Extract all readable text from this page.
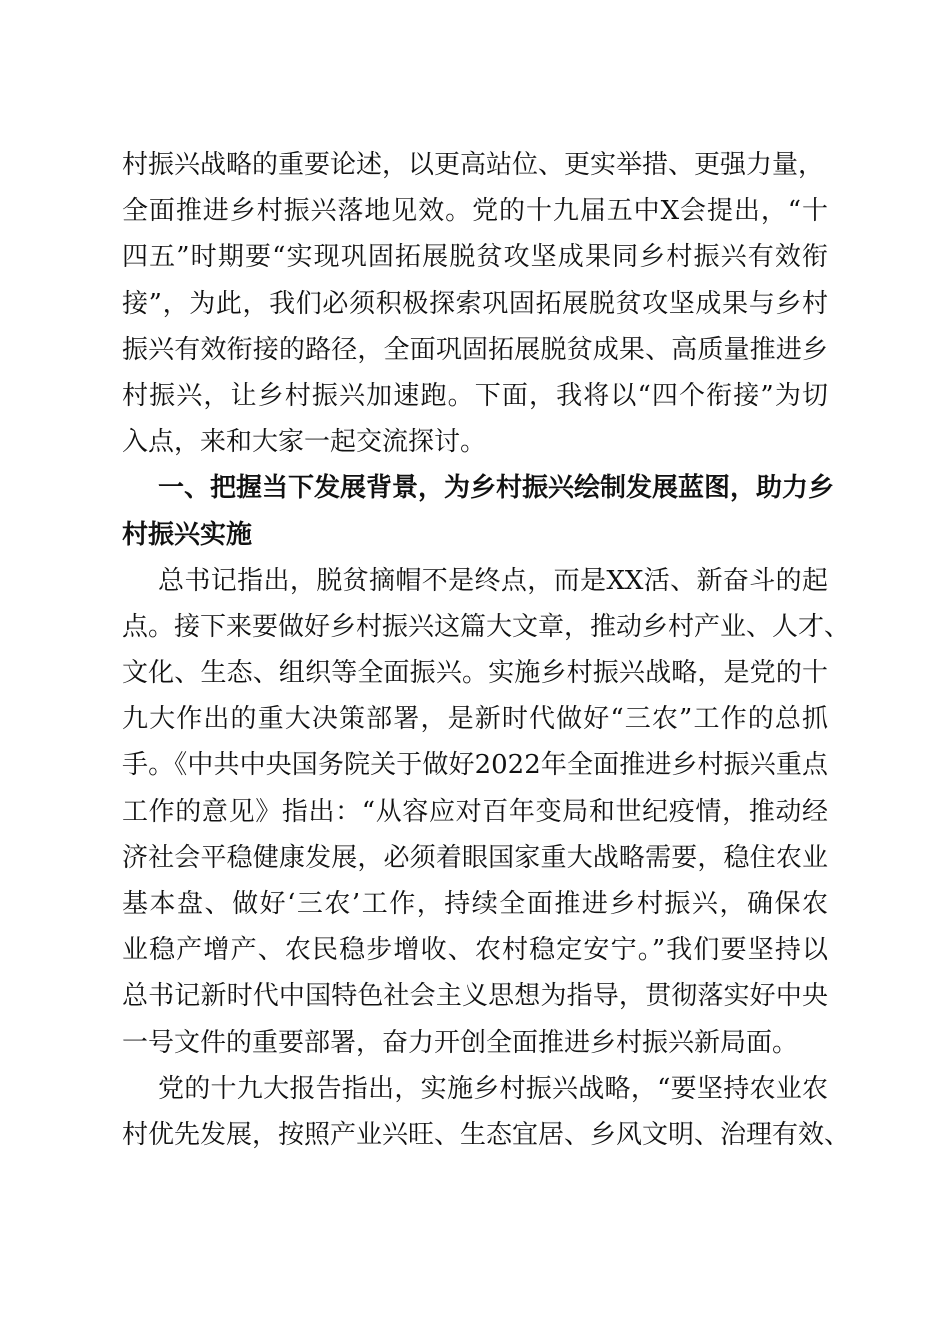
村振兴战略的重要论述，以更高站位、更实举措、更强力量，
全面推进乡村振兴落地见效。党的十九届五中X会提出，“十
四五”时期要“实现巩固拓展脱贫攻坚成果同乡村振兴有效衔
接”，为此，我们必须积极探索巩固拓展脱贫攻坚成果与乡村
振兴有效衔接的路径，全面巩固拓展脱贫成果、高质量推进乡
村振兴，让乡村振兴加速跑。下面，我将以“四个衔接”为切
入点，来和大家一起交流探讨。
一、把握当下发展背景，为乡村振兴绘制发展蓝图，助力乡
村振兴实施
总书记指出，脱贫摘帽不是终点，而是XX活、新奋斗的起
点。接下来要做好乡村振兴这篇大文章，推动乡村产业、人才、
文化、生态、组织等全面振兴。实施乡村振兴战略，是党的十
九大作出的重大决策部署，是新时代做好“三农”工作的总抓
手。《中共中央国务院关于做好2022年全面推进乡村振兴重点
工作的意见》指出：“从容应对百年变局和世纪疫情，推动经
济社会平稳健康发展，必须着眼国家重大战略需要，稳住农业
基本盘、做好‘三农’工作，持续全面推进乡村振兴，确保农
业稳产增产、农民稳步增收、农村稳定安宁。”我们要坚持以
总书记新时代中国特色社会主义思想为指导，贯彻落实好中央
一号文件的重要部署，奋力开创全面推进乡村振兴新局面。
党的十九大报告指出，实施乡村振兴战略，“要坚持农业农
村优先发展，按照产业兴旺、生态宜居、乡风文明、治理有效、
